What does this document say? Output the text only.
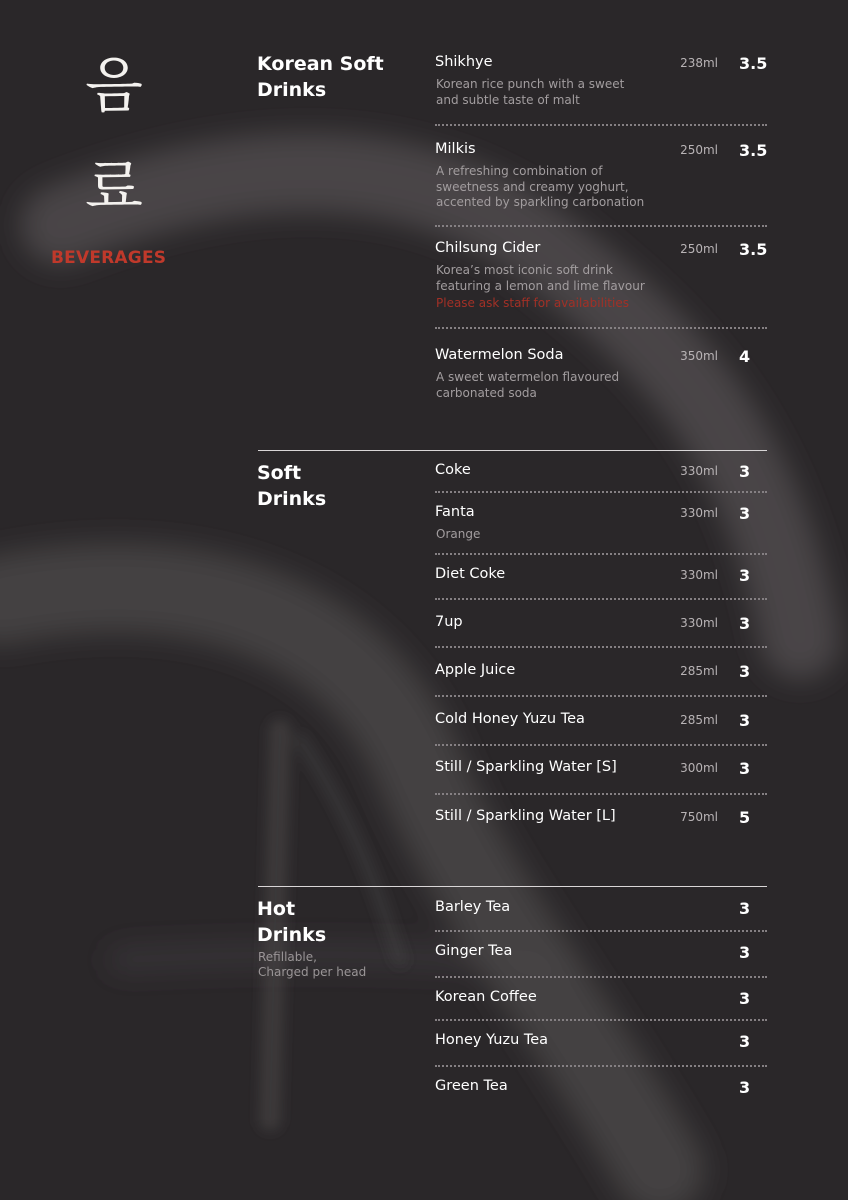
음
료
BEVERAGES
Korean Soft
Drinks
Shikhye	238ml 3.5
Korean rice punch with a sweet
and subtle taste of malt
Milkis	250ml 3.5
A refreshing combination of
sweetness and creamy yoghurt,
accented by sparkling carbonation
Chilsung Cider	250ml 3.5
Korea’s most iconic soft drink
featuring a lemon and lime flavour
Please ask staff for availabilities
Watermelon Soda	350ml 4
A sweet watermelon flavoured
carbonated soda
Soft
Drinks
Coke	330ml 3
Fanta	330ml 3
Orange
Diet Coke	330ml 3
7up	330ml 3
Apple Juice	285ml 3
Cold Honey Yuzu Tea	285ml 3
Still / Sparkling Water [S]	300ml 3
Still / Sparkling Water [L]	750ml 5
Hot
Drinks
Refillable,
Charged per head
Barley Tea	3
Ginger Tea	3
Korean Coffee	3
Honey Yuzu Tea	3
Green Tea	3
